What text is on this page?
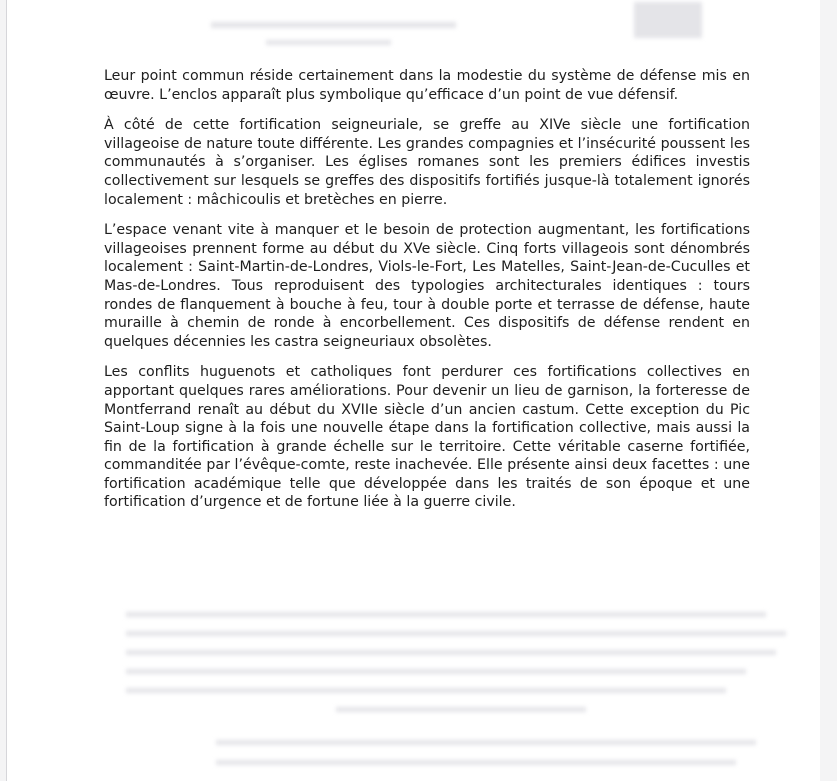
Leur point commun réside certainement dans la modestie du système de défense mis en œuvre. L’enclos apparaît plus symbolique qu’efficace d’un point de vue défensif.

À côté de cette fortification seigneuriale, se greffe au XIVe siècle une fortification villageoise de nature toute différente. Les grandes compagnies et l’insécurité poussent les communautés à s’organiser. Les églises romanes sont les premiers édifices investis collectivement sur lesquels se greffes des dispositifs fortifiés jusque-là totalement ignorés localement : mâchicoulis et bretèches en pierre.

L’espace venant vite à manquer et le besoin de protection augmentant, les fortifications villageoises prennent forme au début du XVe siècle. Cinq forts villageois sont dénombrés localement : Saint-Martin-de-Londres, Viols-le-Fort, Les Matelles, Saint-Jean-de-Cuculles et Mas-de-Londres. Tous reproduisent des typologies architecturales identiques : tours rondes de flanquement à bouche à feu, tour à double porte et terrasse de défense, haute muraille à chemin de ronde à encorbellement. Ces dispositifs de défense rendent en quelques décennies les castra seigneuriaux obsolètes.

Les conflits huguenots et catholiques font perdurer ces fortifications collectives en apportant quelques rares améliorations. Pour devenir un lieu de garnison, la forteresse de Montferrand renaît au début du XVIIe siècle d’un ancien castum. Cette exception du Pic Saint-Loup signe à la fois une nouvelle étape dans la fortification collective, mais aussi la fin de la fortification à grande échelle sur le territoire. Cette véritable caserne fortifiée, commanditée par l’évêque-comte, reste inachevée. Elle présente ainsi deux facettes : une fortification académique telle que développée dans les traités de son époque et une fortification d’urgence et de fortune liée à la guerre civile.
